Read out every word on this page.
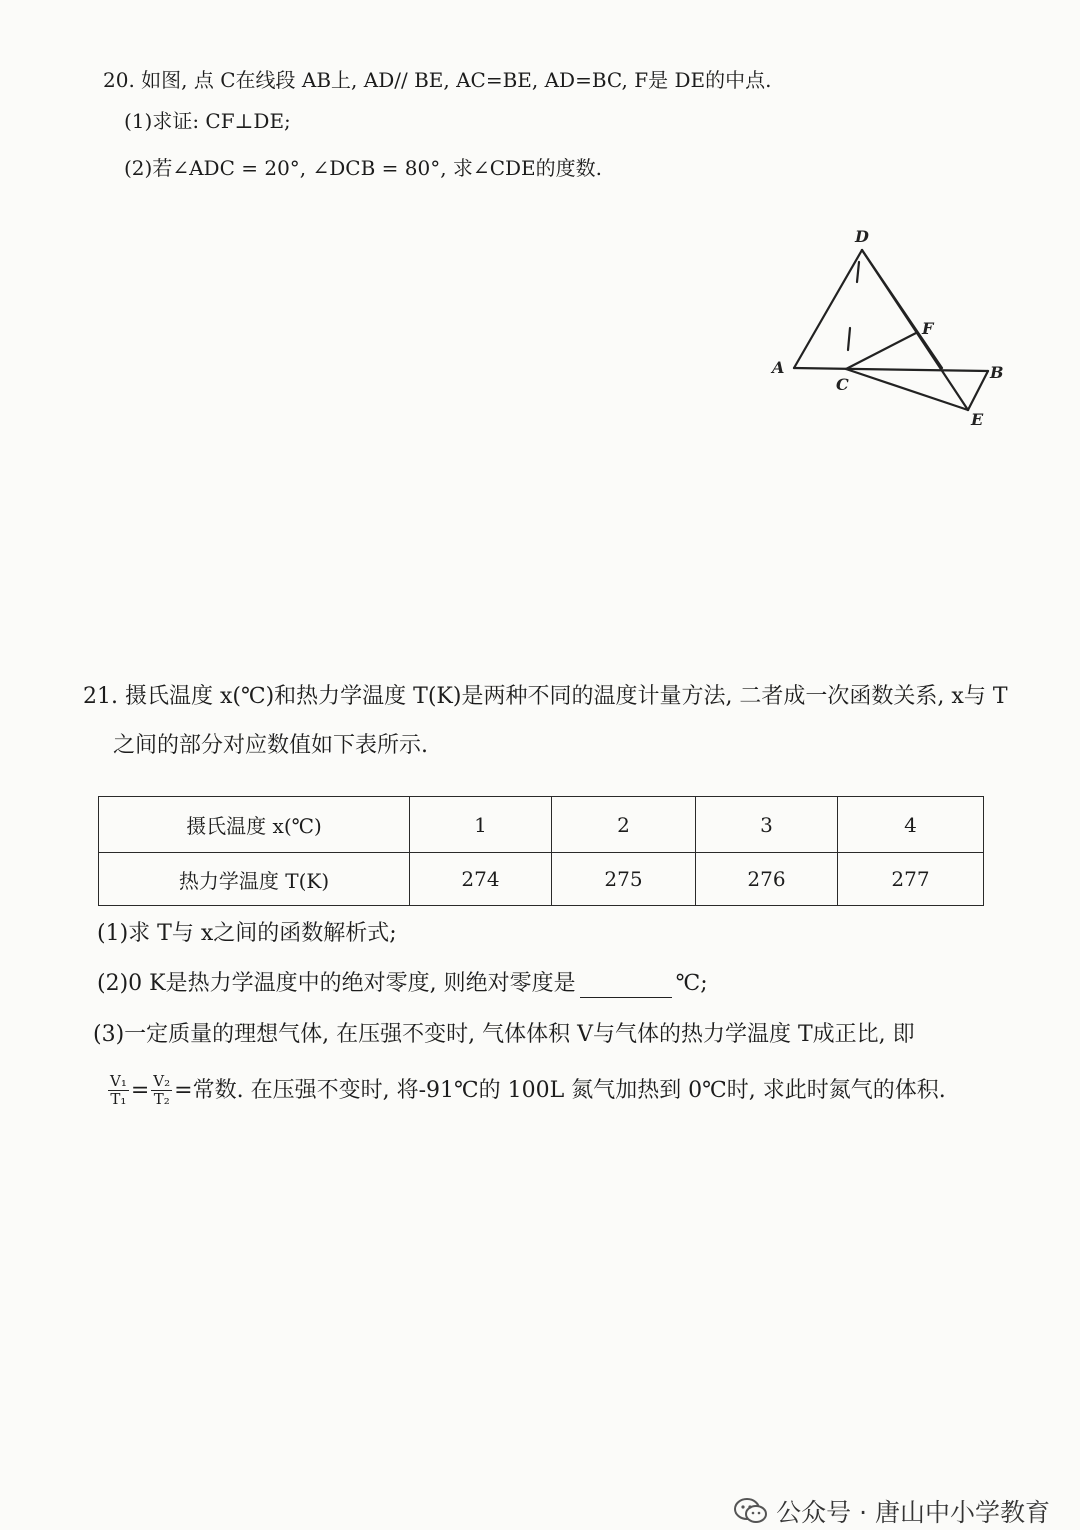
20. 如图, 点 C在线段 AB上, AD// BE, AC=BE, AD=BC, F是 DE的中点.
(1)求证: CF⊥DE;
(2)若∠ADC = 20°, ∠DCB = 80°, 求∠CDE的度数.
D
F
A
C
B
E
21. 摄氏温度 x(℃)和热力学温度 T(K)是两种不同的温度计量方法, 二者成一次函数关系, x与 T
之间的部分对应数值如下表所示.
摄氏温度 x(℃)	1	2	3	4
热力学温度 T(K)	274	275	276	277
(1)求 T与 x之间的函数解析式;
(2)0 K是热力学温度中的绝对零度, 则绝对零度是	℃;
(3)一定质量的理想气体, 在压强不变时, 气体体积 V与气体的热力学温度 T成正比, 即
$\frac{\text{V₁}}{\text{T₁}} = \frac{\text{V₂}}{\text{T₂}}$ =常数. 在压强不变时, 将-91℃的 100L 氮气加热到 0℃时, 求此时氮气的体积.
公众号 · 唐山中小学教育
